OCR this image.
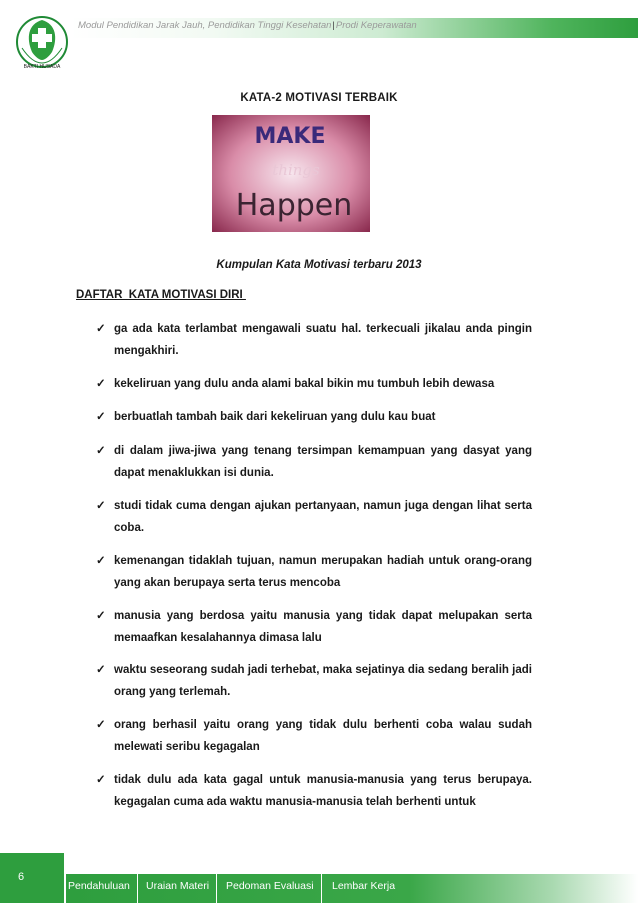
BAKTI HUSADA
Modul Pendidikan Jarak Jauh, Pendidikan Tinggi Kesehatan|Prodi Keperawatan
KATA-2 MOTIVASI TERBAIK
MAKE
things
Happen
Kumpulan Kata Motivasi terbaru 2013
DAFTAR  KATA MOTIVASI DIRI
✓ ga ada kata terlambat mengawali suatu hal. terkecuali jikalau anda pingin mengakhiri.
✓ kekeliruan yang dulu anda alami bakal bikin mu tumbuh lebih dewasa
✓ berbuatlah tambah baik dari kekeliruan yang dulu kau buat
✓ di dalam jiwa-jiwa yang tenang tersimpan kemampuan yang dasyat yang dapat menaklukkan isi dunia.
✓ studi tidak cuma dengan ajukan pertanyaan, namun juga dengan lihat serta coba.
✓ kemenangan tidaklah tujuan, namun merupakan hadiah untuk orang-orang yang akan berupaya serta terus mencoba
✓ manusia yang berdosa yaitu manusia yang tidak dapat melupakan serta memaafkan kesalahannya dimasa lalu
✓ waktu seseorang sudah jadi terhebat, maka sejatinya dia sedang beralih jadi orang yang terlemah.
✓ orang berhasil yaitu orang yang tidak dulu berhenti coba walau sudah melewati seribu kegagalan
✓ tidak dulu ada kata gagal untuk manusia-manusia yang terus berupaya. kegagalan cuma ada waktu manusia-manusia telah berhenti untuk
6
Pendahuluan Uraian Materi Pedoman Evaluasi Lembar Kerja
